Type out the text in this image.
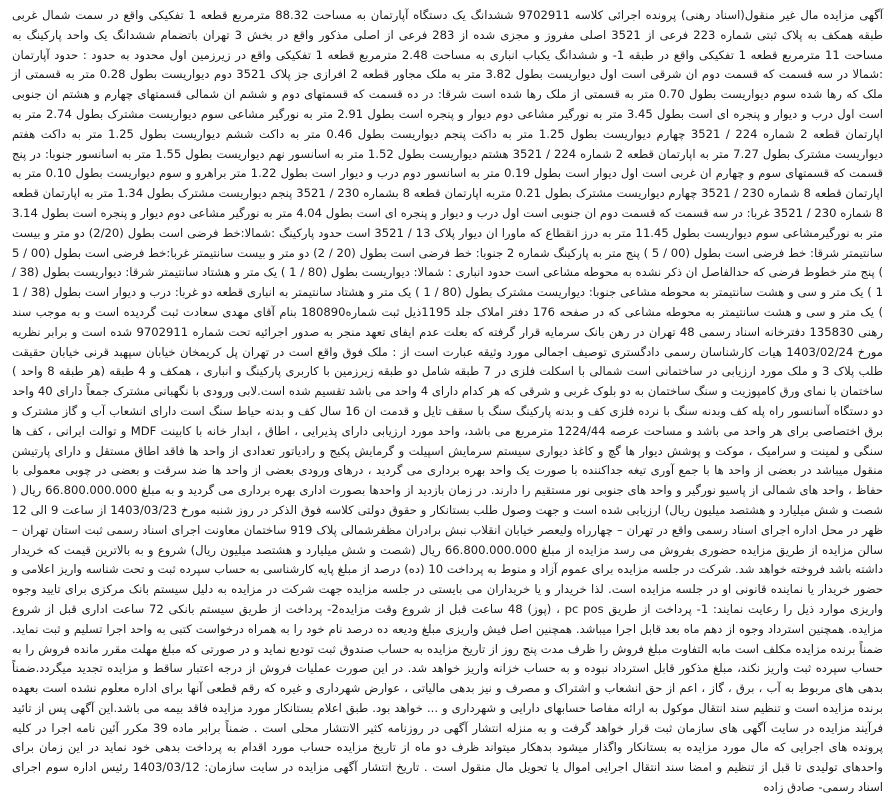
آگهی مزایده مال غیر منقول(اسناد رهنی) پرونده اجرائی کلاسه 9702911 ششدانگ یک دستگاه آپارتمان به مساحت 88.32 مترمربع قطعه 1 تفکیکی واقع در سمت شمال غربی طبقه همکف به پلاک ثبتی شماره 223 فرعی از 3521 اصلی مفروز و مجزی شده از 283 فرعی از اصلی مذکور واقع در بخش 3 تهران باتضمام ششدانگ یک واحد پارکینگ به مساحت 11 مترمربع قطعه 1 تفکیکی واقع در طبقه 1- و ششدانگ یکباب انباری به مساحت 2.48 مترمربع قطعه 1 تفکیکی واقع در زیرزمین اول محدود به حدود : حدود آپارتمان :شمالا در سه قسمت که قسمت دوم ان شرقی است اول دیواریست بطول 3.82 متر به ملک مجاور قطعه 2 افرازی جز پلاک 3521 دوم دیواریست بطول 0.28 متر به قسمتی از ملک که رها شده سوم دیواریست بطول 0.70 متر به قسمتی از ملک رها شده است شرقا: در ده قسمت که قسمتهای دوم و ششم ان شمالی قسمتهای چهارم و هشتم ان جنوبی است اول درب و دیوار و پنجره ای است بطول 3.45 متر به نورگیر مشاعی دوم دیوار و پنجره است بطول 2.91 متر به نورگیر مشاعی سوم دیواریست مشترک بطول 2.74 متر به اپارتمان قطعه 2 شماره 224 / 3521 چهارم دیواریست بطول 1.25 متر به داکت پنجم دیواریست بطول 0.46 متر به داکت ششم دیواریست بطول 1.25 متر به داکت هفتم دیواریست مشترک بطول 7.27 متر به اپارتمان قطعه 2 شماره 224 / 3521 هشتم دیواریست بطول 1.52 متر به اسانسور نهم دیواریست بطول 1.55 متر به اسانسور جنوبا: در پنج قسمت که قسمتهای سوم و چهارم ان غربی است اول دیوار است بطول 0.19 متر به اسانسور دوم درب و دیوار است بطول 1.22 متر براهرو و سوم دیواریست بطول 0.10 متر به اپارتمان قطعه 8 شماره 230 / 3521 چهارم دیواریست مشترک بطول 0.21 متربه اپارتمان قطعه 8 بشماره 230 / 3521 پنجم دیواریست مشترک بطول 1.34 متر به اپارتمان قطعه 8 شماره 230 / 3521 غربا: در سه قسمت که قسمت دوم ان جنوبی است اول درب و دیوار و پنجره ای است بطول 4.04 متر به نورگیر مشاعی دوم دیوار و پنجره است بطول 3.14 متر به نورگیرمشاعی سوم دیواریست بطول 11.45 متر به درز انقطاع که ماورا ان دیوار پلاک 13 / 3521 است حدود پارکینگ :شمالا:خط فرضی است بطول (2/20) دو متر و بیست سانتیمتر شرقا: خط فرضی است بطول (00 / 5 ) پنج متر به پارکینگ شماره 2 جنوبا: خط فرضی است بطول (20 / 2) دو متر و بیست سانتیمتر غربا:خط فرضی است بطول (00 / 5 ) پنج متر خطوط فرضی که حدالفاصل ان ذکر نشده به محوطه مشاعی است حدود انباری : شمالا: دیواریست بطول (80 / 1 ) یک متر و هشتاد سانتیمتر شرقا: دیواریست بطول (38 / 1 ) یک متر و سی و هشت سانتیمتر به محوطه مشاعی جنوبا: دیواریست مشترک بطول (80 / 1 ) یک متر و هشتاد سانتیمتر به انباری قطعه دو غربا: درب و دیوار است بطول (38 / 1 ) یک متر و سی و هشت سانتیمتر به محوطه مشاعی که در صفحه 176 دفتر املاک جلد 1195ذیل ثبت شماره180890 بنام آقای مهدی سعادت ثبت گردیده است و به موجب سند رهنی 135830 دفترخانه اسناد رسمی 48 تهران در رهن بانک سرمایه قرار گرفته که بعلت عدم ایفای تعهد منجر به صدور اجرائیه تحت شماره 9702911 شده است و برابر نظریه مورخ 1403/02/24 هیات کارشناسان رسمی دادگستری توصیف اجمالی مورد وثیقه عبارت است از : ملک فوق واقع است در تهران پل کریمخان خیابان سپهبد قرنی خیابان حقیقت طلب پلاک 3 و ملک مورد ارزیابی در ساختمانی است شمالی با اسکلت فلزی در 7 طبقه شامل دو طبقه زیرزمین با کاربری پارکینگ و انباری ، همکف و 4 طبقه (هر طبقه 8 واحد ) ساختمان با نمای ورق کامپوزیت و سنگ ساختمان به دو بلوک غربی و شرقی که هر کدام دارای 4 واحد می باشد تقسیم شده است.لابی ورودی با نگهبانی مشترک جمعاً دارای 40 واحد دو دستگاه آسانسور راه پله کف وبدنه سنگ با نرده فلزی کف و بدنه پارکینگ سنگ با سقف تایل و قدمت ان 16 سال کف و بدنه حیاط سنگ است دارای انشعاب آب و گاز مشترک و برق اختصاصی برای هر واحد می باشد و مساحت عرصه 1224/44 مترمربع می باشد، واحد مورد ارزیابی دارای پذیرایی ، اطاق ، ابدار خانه با کابینت MDF و توالت ایرانی ، کف ها سنگی و لمینت و سرامیک ، موکت و پوشش دیوار ها گچ و کاغذ دیواری سیستم سرمایش اسپیلت و گرمایش پکیج و رادیاتور تعدادی از واحد ها فاقد اطاق مستقل و دارای پارتیشن منقول میباشد در بعضی از واحد ها با جمع آوری تیغه جداکننده با صورت یک واحد بهره برداری می گردید ، درهای ورودی بعضی از واحد ها ضد سرقت و بعضی در چوبی معمولی با حفاظ ، واحد های شمالی از پاسیو نورگیر و واحد های جنوبی نور مستقیم را دارند. در زمان بازدید از واحدها بصورت اداری بهره برداری می گردید و به مبلغ 66.800.000.000 ریال ( شصت و شش میلیارد و هشتصد میلیون ریال) ارزیابی شده است و جهت وصول طلب بستانکار و حقوق دولتی کلاسه فوق الذکر در روز شنبه مورخ 1403/03/23 از ساعت 9 الی 12 ظهر در محل اداره اجرای اسناد رسمی واقع در تهران – چهارراه ولیعصر خیابان انقلاب نبش برادران مظفرشمالی پلاک 919 ساختمان معاونت اجرای اسناد رسمی ثبت استان تهران – سالن مزایده از طریق مزایده حضوری بفروش می رسد مزایده از مبلغ 66.800.000.000 ریال (شصت و شش میلیارد و هشتصد میلیون ریال) شروع و به بالاترین قیمت که خریدار داشته باشد فروخته خواهد شد. شرکت در جلسه مزایده برای عموم آزاد و منوط به پرداخت 10 (ده) درصد از مبلغ پایه کارشناسی به حساب سپرده ثبت و تحت شناسه واریز اعلامی و حضور خریدار یا نماینده قانونی او در جلسه مزایده است. لذا خریدار و یا خریداران می بایستی در جلسه مزایده جهت شرکت در مزایده به دلیل سیستم بانک مرکزی برای تایید وجوه واریزی موارد ذیل را رعایت نمایند: 1- پرداخت از طریق pc pos ، (پوز) 48 ساعت قبل از شروع وقت مزایده2- پرداخت از طریق سیستم بانکی 72 ساعت اداری قبل از شروع مزایده. همچنین استرداد وجوه از دهم ماه بعد قابل اجرا میباشد. همچنین اصل فیش واریزی مبلغ ودیعه ده درصد نام خود را به همراه درخواست کتبی به واحد اجرا تسلیم و ثبت نماید. ضمناً برنده مزایده مکلف است مابه التفاوت مبلغ فروش را ظرف مدت پنج روز از تاریخ مزایده به حساب صندوق ثبت تودیع نماید و در صورتی که مبلغ مهلت مقرر مانده فروش را به حساب سپرده ثبت واریز نکند، مبلغ مذکور قابل استرداد نبوده و به حساب خزانه واریز خواهد شد. در این صورت عملیات فروش از درجه اعتبار ساقط و مزایده تجدید میگردد.ضمناً بدهی های مربوط به آب ، برق ، گاز ، اعم از حق انشعاب و اشتراک و مصرف و نیز بدهی مالیاتی ، عوارض شهرداری و غیره که رقم قطعی آنها برای اداره معلوم نشده است بعهده برنده مزایده است و تنظیم سند انتقال موکول به ارائه مفاصا حسابهای دارایی و شهرداری و ... خواهد بود. طبق اعلام بستانکار مورد مزایده فاقد بیمه می باشد.این آگهی پس از تائید فرآیند مزایده در سایت آگهی های سازمان ثبت قرار خواهد گرفت و به منزله انتشار آگهی در روزنامه کثیر الانتشار محلی است . ضمناً برابر ماده 39 مکرر آئین نامه اجرا در کلیه پرونده های اجرایی که مال مورد مزایده به بستانکار واگذار میشود بدهکار میتواند ظرف دو ماه از تاریخ مزایده حساب مورد اقدام به پرداخت بدهی خود نماید در این زمان برای واحدهای تولیدی تا قبل از تنظیم و امضا سند انتقال اجرایی اموال یا تحویل مال منقول است . تاریخ انتشار آگهی مزایده در سایت سازمان: 1403/03/12 رئیس اداره سوم اجرای اسناد رسمی- صادق زاده
